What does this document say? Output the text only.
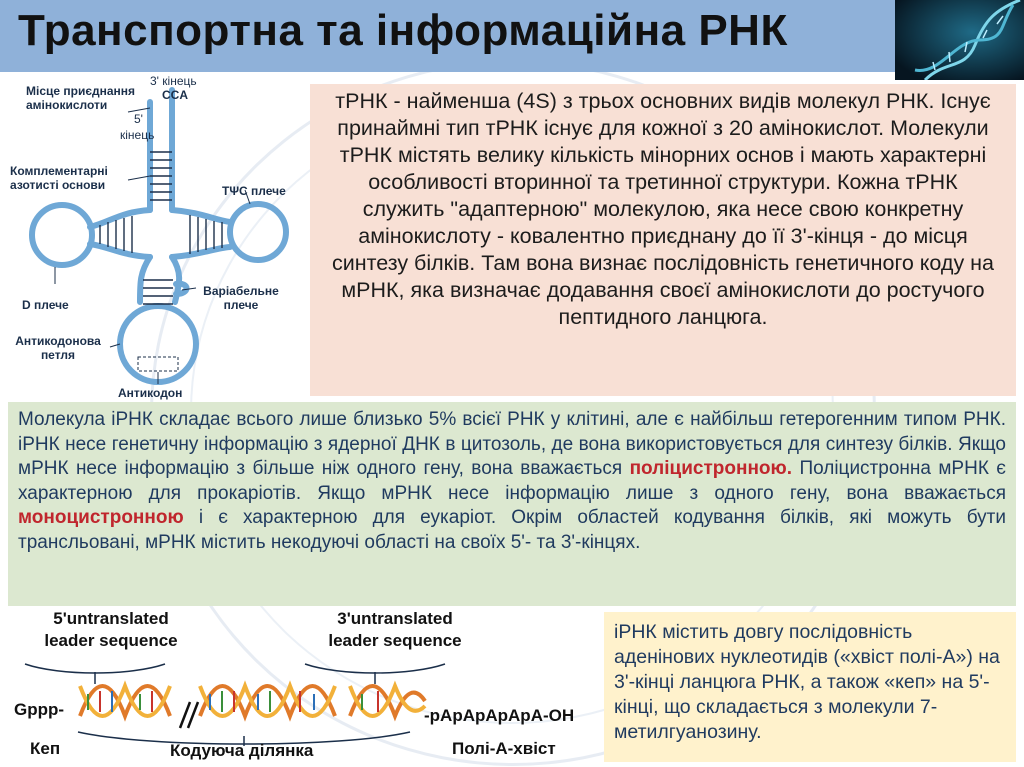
Транспортна та інформаційна РНК
Місце приєднання амінокислоти
3' кінець
CCA
5'
кінець
Комплементарні азотисті основи	TΨC плече
D плече
Варіабельне плече
Антикодонова петля
Антикодон

тРНК - найменша (4S) з трьох основних видів молекул РНК. Існує принаймні тип тРНК існує для кожної з 20 амінокислот. Молекули тРНК містять велику кількість мінорних основ і мають характерні особливості вторинної та третинної структури. Кожна тРНК служить "адаптерною" молекулою, яка несе свою конкретну амінокислоту - ковалентно приєднану до її 3'-кінця - до місця синтезу білків. Там вона визнає послідовність генетичного коду на мРНК, яка визначає додавання своєї амінокислоти до ростучого пептидного ланцюга.

Молекула іРНК складає всього лише близько 5% всієї РНК у клітині, але є найбільш гетерогенним типом РНК. іРНК несе генетичну інформацію з ядерної ДНК в цитозоль, де вона використовується для синтезу білків. Якщо мРНК несе інформацію з більше ніж одного гену, вона вважається поліцистронною. Поліцистронна мРНК є характерною для прокаріотів. Якщо мРНК несе інформацію лише з одного гену, вона вважається моноцистронною і є характерною для еукаріот. Окрім областей кодування білків, які можуть бути трансльовані, мРНК містить некодуючі області на своїх 5'- та 3'-кінцях.

5'untranslated leader sequence
3'untranslated leader sequence
Gppp-	-pApApApApA-OH
Кеп	Кодуюча ділянка	Полі-А-хвіст

іРНК містить довгу послідовність аденінових нуклеотидів («хвіст полі-А») на 3'-кінці ланцюга РНК, а також «кеп» на 5'-кінці, що складається з молекули 7-метилгуанозину.
